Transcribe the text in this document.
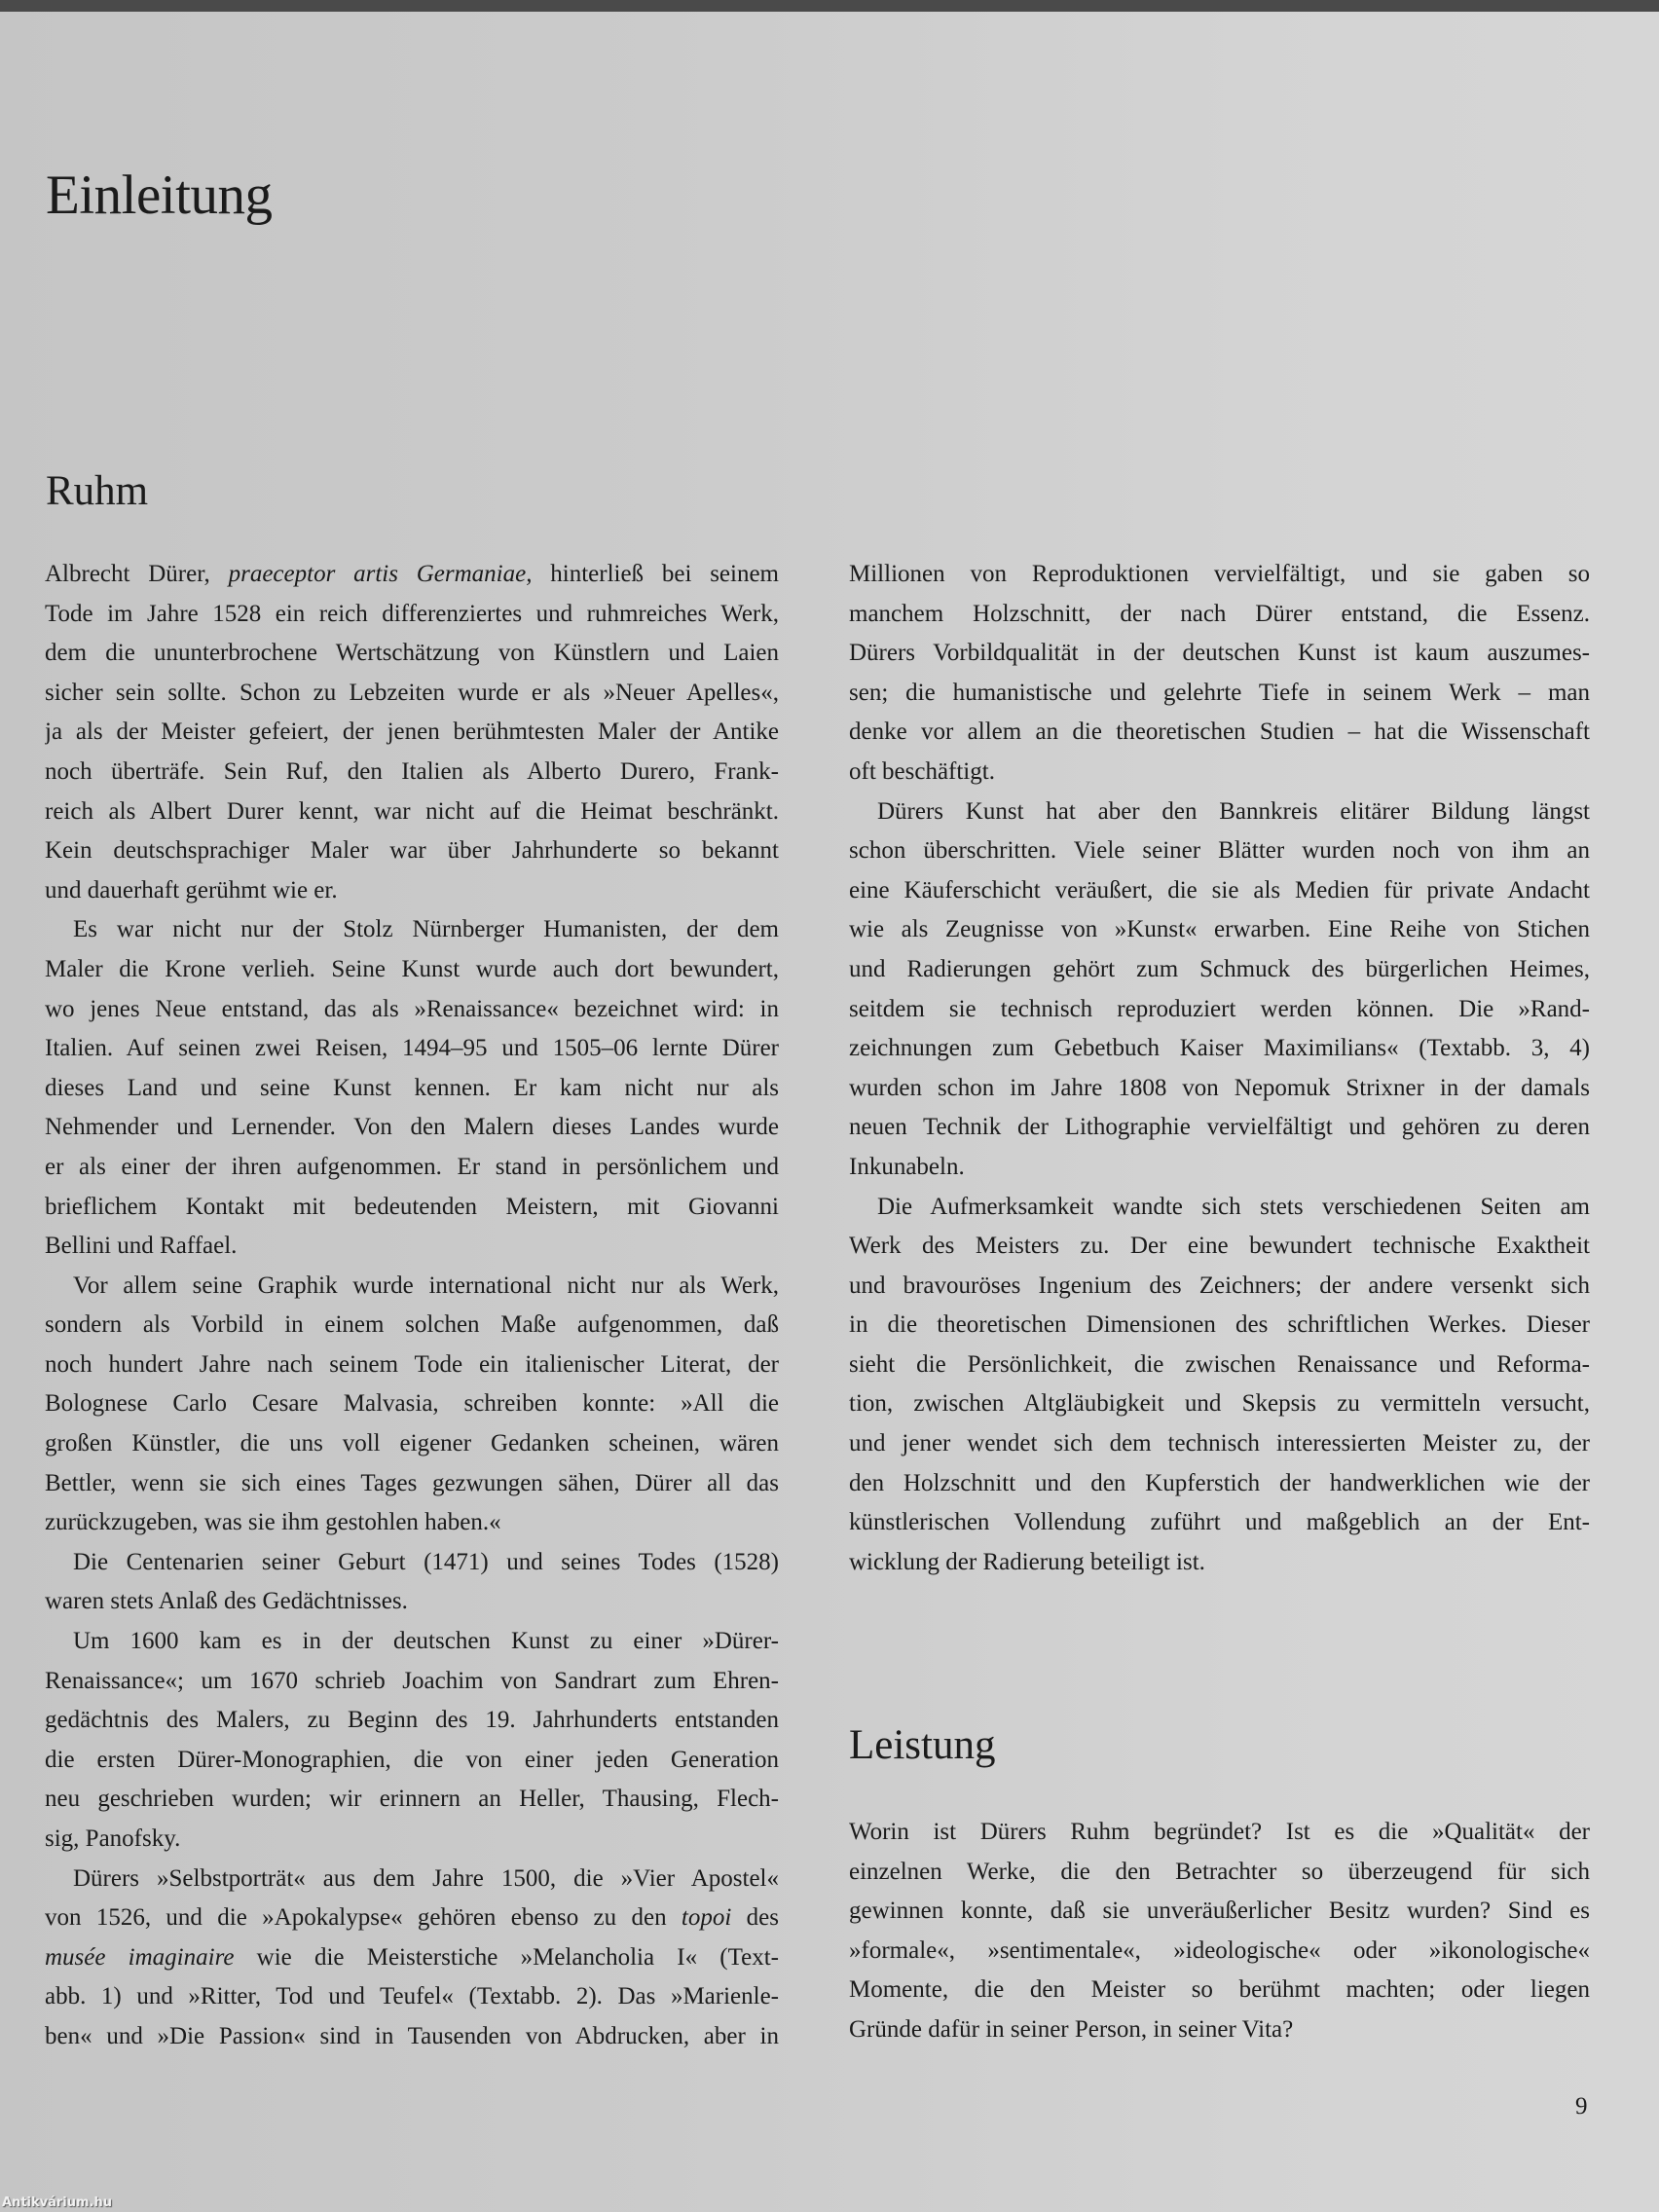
Einleitung
Ruhm
Albrecht Dürer, praeceptor artis Germaniae, hinterließ bei seinem
Tode im Jahre 1528 ein reich differenziertes und ruhmreiches Werk,
dem die ununterbrochene Wertschätzung von Künstlern und Laien
sicher sein sollte. Schon zu Lebzeiten wurde er als »Neuer Apelles«,
ja als der Meister gefeiert, der jenen berühmtesten Maler der Antike
noch überträfe. Sein Ruf, den Italien als Alberto Durero, Frank-
reich als Albert Durer kennt, war nicht auf die Heimat beschränkt.
Kein deutschsprachiger Maler war über Jahrhunderte so bekannt
und dauerhaft gerühmt wie er.
Es war nicht nur der Stolz Nürnberger Humanisten, der dem
Maler die Krone verlieh. Seine Kunst wurde auch dort bewundert,
wo jenes Neue entstand, das als »Renaissance« bezeichnet wird: in
Italien. Auf seinen zwei Reisen, 1494–95 und 1505–06 lernte Dürer
dieses Land und seine Kunst kennen. Er kam nicht nur als
Nehmender und Lernender. Von den Malern dieses Landes wurde
er als einer der ihren aufgenommen. Er stand in persönlichem und
brieflichem Kontakt mit bedeutenden Meistern, mit Giovanni
Bellini und Raffael.
Vor allem seine Graphik wurde international nicht nur als Werk,
sondern als Vorbild in einem solchen Maße aufgenommen, daß
noch hundert Jahre nach seinem Tode ein italienischer Literat, der
Bolognese Carlo Cesare Malvasia, schreiben konnte: »All die
großen Künstler, die uns voll eigener Gedanken scheinen, wären
Bettler, wenn sie sich eines Tages gezwungen sähen, Dürer all das
zurückzugeben, was sie ihm gestohlen haben.«
Die Centenarien seiner Geburt (1471) und seines Todes (1528)
waren stets Anlaß des Gedächtnisses.
Um 1600 kam es in der deutschen Kunst zu einer »Dürer-
Renaissance«; um 1670 schrieb Joachim von Sandrart zum Ehren-
gedächtnis des Malers, zu Beginn des 19. Jahrhunderts entstanden
die ersten Dürer-Monographien, die von einer jeden Generation
neu geschrieben wurden; wir erinnern an Heller, Thausing, Flech-
sig, Panofsky.
Dürers »Selbstporträt« aus dem Jahre 1500, die »Vier Apostel«
von 1526, und die »Apokalypse« gehören ebenso zu den topoi des
musée imaginaire wie die Meisterstiche »Melancholia I« (Text-
abb. 1) und »Ritter, Tod und Teufel« (Textabb. 2). Das »Marienle-
ben« und »Die Passion« sind in Tausenden von Abdrucken, aber in
Millionen von Reproduktionen vervielfältigt, und sie gaben so
manchem Holzschnitt, der nach Dürer entstand, die Essenz.
Dürers Vorbildqualität in der deutschen Kunst ist kaum auszumes-
sen; die humanistische und gelehrte Tiefe in seinem Werk – man
denke vor allem an die theoretischen Studien – hat die Wissenschaft
oft beschäftigt.
Dürers Kunst hat aber den Bannkreis elitärer Bildung längst
schon überschritten. Viele seiner Blätter wurden noch von ihm an
eine Käuferschicht veräußert, die sie als Medien für private Andacht
wie als Zeugnisse von »Kunst« erwarben. Eine Reihe von Stichen
und Radierungen gehört zum Schmuck des bürgerlichen Heimes,
seitdem sie technisch reproduziert werden können. Die »Rand-
zeichnungen zum Gebetbuch Kaiser Maximilians« (Textabb. 3, 4)
wurden schon im Jahre 1808 von Nepomuk Strixner in der damals
neuen Technik der Lithographie vervielfältigt und gehören zu deren
Inkunabeln.
Die Aufmerksamkeit wandte sich stets verschiedenen Seiten am
Werk des Meisters zu. Der eine bewundert technische Exaktheit
und bravouröses Ingenium des Zeichners; der andere versenkt sich
in die theoretischen Dimensionen des schriftlichen Werkes. Dieser
sieht die Persönlichkeit, die zwischen Renaissance und Reforma-
tion, zwischen Altgläubigkeit und Skepsis zu vermitteln versucht,
und jener wendet sich dem technisch interessierten Meister zu, der
den Holzschnitt und den Kupferstich der handwerklichen wie der
künstlerischen Vollendung zuführt und maßgeblich an der Ent-
wicklung der Radierung beteiligt ist.
Leistung
Worin ist Dürers Ruhm begründet? Ist es die »Qualität« der
einzelnen Werke, die den Betrachter so überzeugend für sich
gewinnen konnte, daß sie unveräußerlicher Besitz wurden? Sind es
»formale«, »sentimentale«, »ideologische« oder »ikonologische«
Momente, die den Meister so berühmt machten; oder liegen
Gründe dafür in seiner Person, in seiner Vita?
9
Antikvárium.hu
